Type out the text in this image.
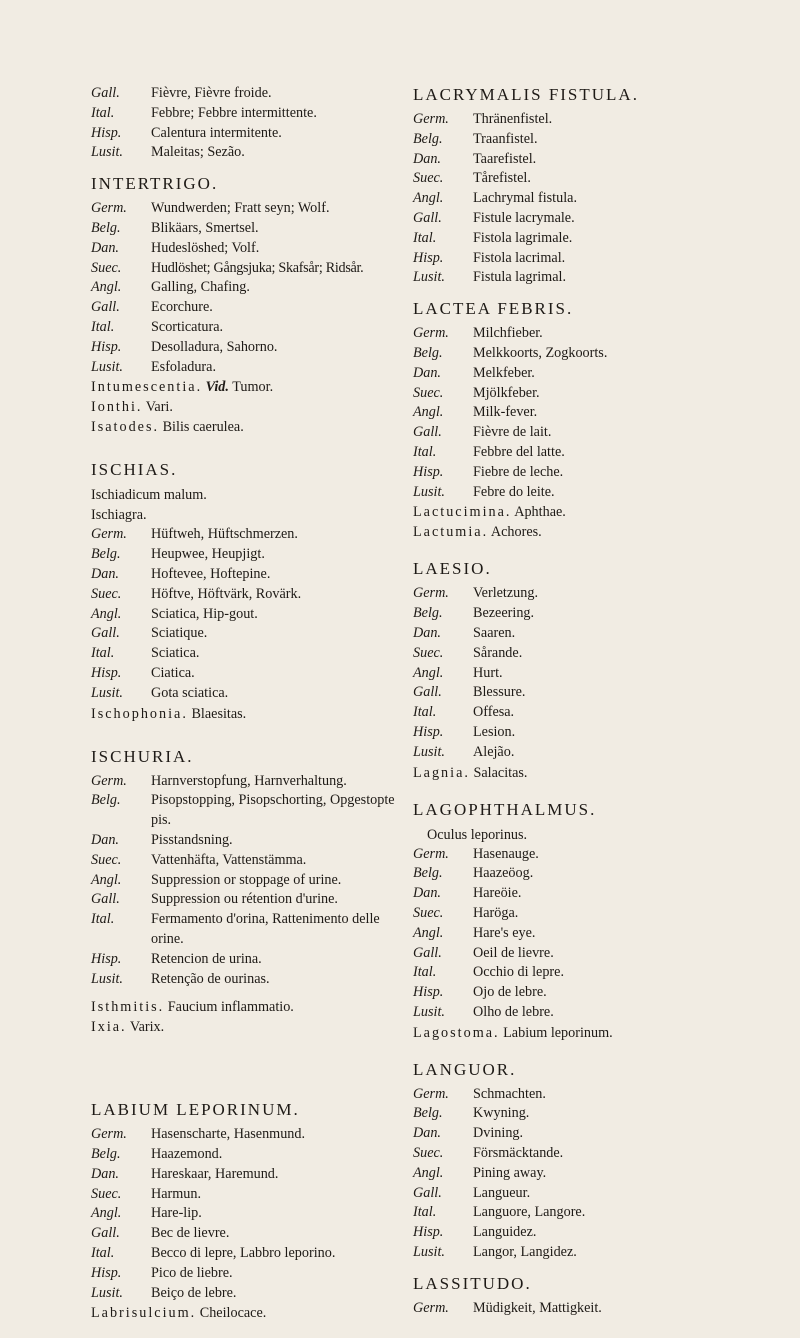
Gall.	Fièvre, Fièvre froide.
Ital.	Febbre; Febbre intermittente.
Hisp.	Calentura intermitente.
Lusit.	Maleitas; Sezão.
INTERTRIGO.
Germ.	Wundwerden; Fratt seyn; Wolf.
Belg.	Blikäars, Smertsel.
Dan.	Hudeslöshed; Volf.
Suec.	Hudlöshet; Gångsjuka; Skafsår; Ridsår.
Angl.	Galling, Chafing.
Gall.	Ecorchure.
Ital.	Scorticatura.
Hisp.	Desolladura, Sahorno.
Lusit.	Esfoladura.
Intumescentia. Vid. Tumor.
Ionthi. Vari.
Isatodes. Bilis caerulea.
ISCHIAS.
Ischiadicum malum.
Ischiagra.
Germ.	Hüftweh, Hüftschmerzen.
Belg.	Heupwee, Heupjigt.
Dan.	Hoftevee, Hoftepine.
Suec.	Höftve, Höftvärk, Rovärk.
Angl.	Sciatica, Hip-gout.
Gall.	Sciatique.
Ital.	Sciatica.
Hisp.	Ciatica.
Lusit.	Gota sciatica.
Ischophonia. Blaesitas.
ISCHURIA.
Germ.	Harnverstopfung, Harnverhaltung.
Belg.	Pisopstopping, Pisopschorting, Opgestopte pis.
Dan.	Pisstandsning.
Suec.	Vattenhäfta, Vattenstämma.
Angl.	Suppression or stoppage of urine.
Gall.	Suppression ou rétention d'urine.
Ital.	Fermamento d'orina, Rattenimento delle orine.
Hisp.	Retencion de urina.
Lusit.	Retenção de ourinas.
Isthmitis. Faucium inflammatio.
Ixia. Varix.
LABIUM LEPORINUM.
Germ.	Hasenscharte, Hasenmund.
Belg.	Haazemond.
Dan.	Hareskaar, Haremund.
Suec.	Harmun.
Angl.	Hare-lip.
Gall.	Bec de lievre.
Ital.	Becco di lepre, Labbro leporino.
Hisp.	Pico de liebre.
Lusit.	Beiço de lebre.
Labrisulcium. Cheilocace.
LACRYMALIS FISTULA.
Germ.	Thränenfistel.
Belg.	Traanfistel.
Dan.	Taarefistel.
Suec.	Tårefistel.
Angl.	Lachrymal fistula.
Gall.	Fistule lacrymale.
Ital.	Fistola lagrimale.
Hisp.	Fistola lacrimal.
Lusit.	Fistula lagrimal.
LACTEA FEBRIS.
Germ.	Milchfieber.
Belg.	Melkkoorts, Zogkoorts.
Dan.	Melkfeber.
Suec.	Mjölkfeber.
Angl.	Milk-fever.
Gall.	Fièvre de lait.
Ital.	Febbre del latte.
Hisp.	Fiebre de leche.
Lusit.	Febre do leite.
Lactucimina. Aphthae.
Lactumia. Achores.
LAESIO.
Germ.	Verletzung.
Belg.	Bezeering.
Dan.	Saaren.
Suec.	Sårande.
Angl.	Hurt.
Gall.	Blessure.
Ital.	Offesa.
Hisp.	Lesion.
Lusit.	Alejão.
Lagnia. Salacitas.
LAGOPHTHALMUS.
Oculus leporinus.
Germ.	Hasenauge.
Belg.	Haazeöog.
Dan.	Hareöie.
Suec.	Haröga.
Angl.	Hare's eye.
Gall.	Oeil de lievre.
Ital.	Occhio di lepre.
Hisp.	Ojo de lebre.
Lusit.	Olho de lebre.
Lagostoma. Labium leporinum.
LANGUOR.
Germ.	Schmachten.
Belg.	Kwyning.
Dan.	Dvining.
Suec.	Försmäcktande.
Angl.	Pining away.
Gall.	Langueur.
Ital.	Languore, Langore.
Hisp.	Languidez.
Lusit.	Langor, Langidez.
LASSITUDO.
Germ.	Müdigkeit, Mattigkeit.
